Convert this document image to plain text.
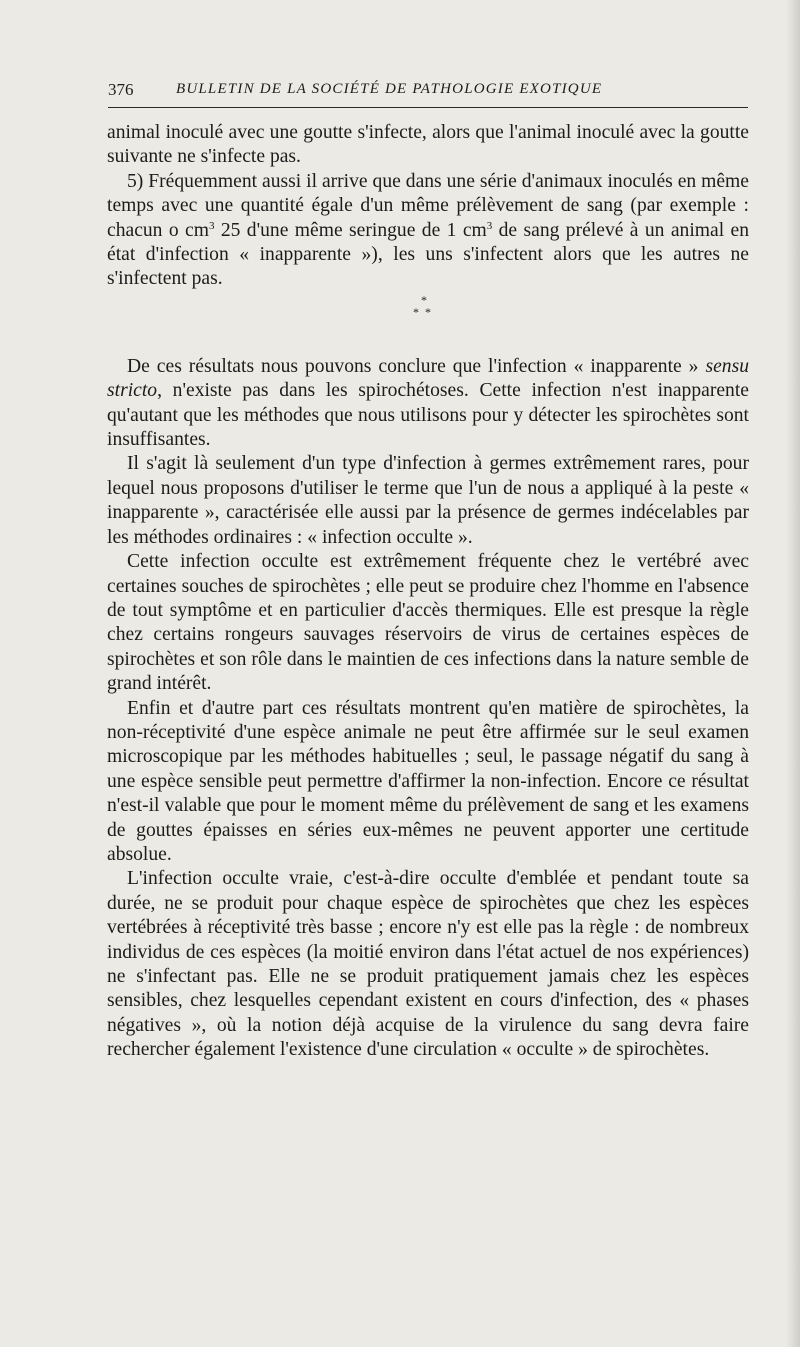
376	BULLETIN DE LA SOCIÉTÉ DE PATHOLOGIE EXOTIQUE

animal inoculé avec une goutte s'infecte, alors que l'animal inoculé avec la goutte suivante ne s'infecte pas.

5) Fréquemment aussi il arrive que dans une série d'animaux inoculés en même temps avec une quantité égale d'un même prélèvement de sang (par exemple : chacun o $cm^3$ 25 d'une même seringue de 1 $cm^3$ de sang prélevé à un animal en état d'infection « inapparente »), les uns s'infectent alors que les autres ne s'infectent pas.

*
**

De ces résultats nous pouvons conclure que l'infection « inapparente » sensu stricto, n'existe pas dans les spirochétoses. Cette infection n'est inapparente qu'autant que les méthodes que nous utilisons pour y détecter les spirochètes sont insuffisantes.

Il s'agit là seulement d'un type d'infection à germes extrêmement rares, pour lequel nous proposons d'utiliser le terme que l'un de nous a appliqué à la peste « inapparente », caractérisée elle aussi par la présence de germes indécelables par les méthodes ordinaires : « infection occulte ».

Cette infection occulte est extrêmement fréquente chez le vertébré avec certaines souches de spirochètes ; elle peut se produire chez l'homme en l'absence de tout symptôme et en particulier d'accès thermiques. Elle est presque la règle chez certains rongeurs sauvages réservoirs de virus de certaines espèces de spirochètes et son rôle dans le maintien de ces infections dans la nature semble de grand intérêt.

Enfin et d'autre part ces résultats montrent qu'en matière de spirochètes, la non-réceptivité d'une espèce animale ne peut être affirmée sur le seul examen microscopique par les méthodes habituelles ; seul, le passage négatif du sang à une espèce sensible peut permettre d'affirmer la non-infection. Encore ce résultat n'est-il valable que pour le moment même du prélèvement de sang et les examens de gouttes épaisses en séries eux-mêmes ne peuvent apporter une certitude absolue.

L'infection occulte vraie, c'est-à-dire occulte d'emblée et pendant toute sa durée, ne se produit pour chaque espèce de spirochètes que chez les espèces vertébrées à réceptivité très basse ; encore n'y est elle pas la règle : de nombreux individus de ces espèces (la moitié environ dans l'état actuel de nos expériences) ne s'infectant pas. Elle ne se produit pratiquement jamais chez les espèces sensibles, chez lesquelles cependant existent en cours d'infection, des « phases négatives », où la notion déjà acquise de la virulence du sang devra faire rechercher également l'existence d'une circulation « occulte » de spirochètes.
